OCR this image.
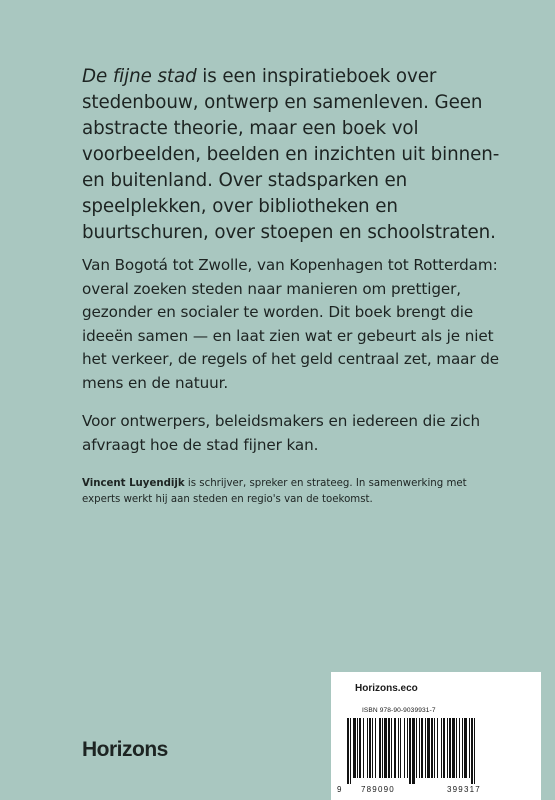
De fijne stad is een inspiratieboek over stedenbouw, ontwerp en samenleven. Geen abstracte theorie, maar een boek vol voorbeelden, beelden en inzichten uit binnen- en buitenland. Over stadsparken en speelplekken, over bibliotheken en buurtschuren, over stoepen en schoolstraten.

Van Bogotá tot Zwolle, van Kopenhagen tot Rotterdam: overal zoeken steden naar manieren om prettiger, gezonder en socialer te worden. Dit boek brengt die ideeën samen — en laat zien wat er gebeurt als je niet het verkeer, de regels of het geld centraal zet, maar de mens en de natuur.

Voor ontwerpers, beleidsmakers en iedereen die zich afvraagt hoe de stad fijner kan.

Vincent Luyendijk is schrijver, spreker en strateeg. In samenwerking met experts werkt hij aan steden en regio's van de toekomst.

Horizons
Horizons.eco
ISBN 978-90-9039931-7
9 789090	399317
